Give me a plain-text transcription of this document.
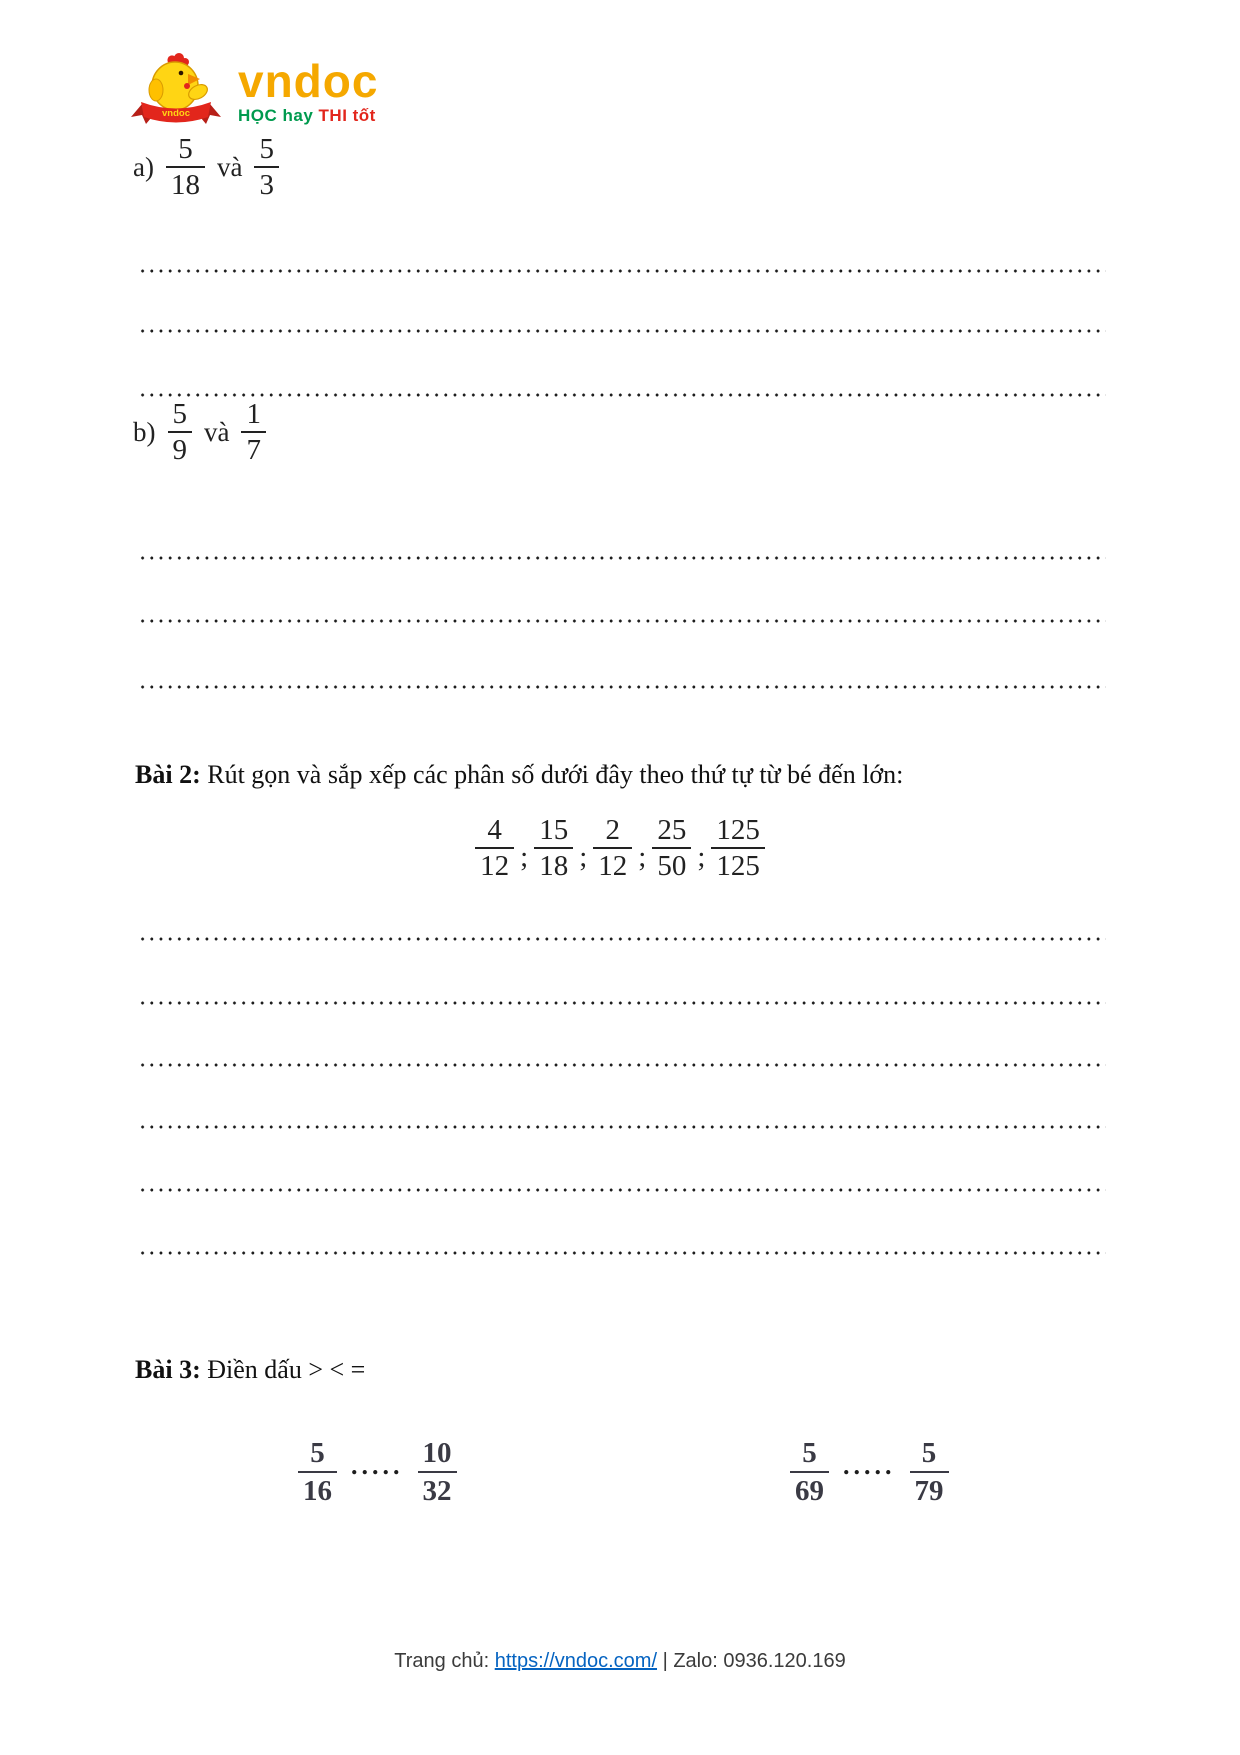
vndoc
vndoc
HỌC hay THI tốt
$a) \frac{5}{18}$ và $\frac{5}{3}$
$b) \frac{5}{9}$ và $\frac{1}{7}$
Bài 2: Rút gọn và sắp xếp các phân số dưới đây theo thứ tự từ bé đến lớn:
$\frac{4}{12}$ ; $\frac{15}{18}$ ; $\frac{2}{12}$ ; $\frac{25}{50}$ ; $\frac{125}{125}$
Bài 3: Điền dấu > < =
$\frac{5}{16}$ ..... $\frac{10}{32}$	$\frac{5}{69}$ ..... $\frac{5}{79}$
Trang chủ: https://vndoc.com/ | Zalo: 0936.120.169
